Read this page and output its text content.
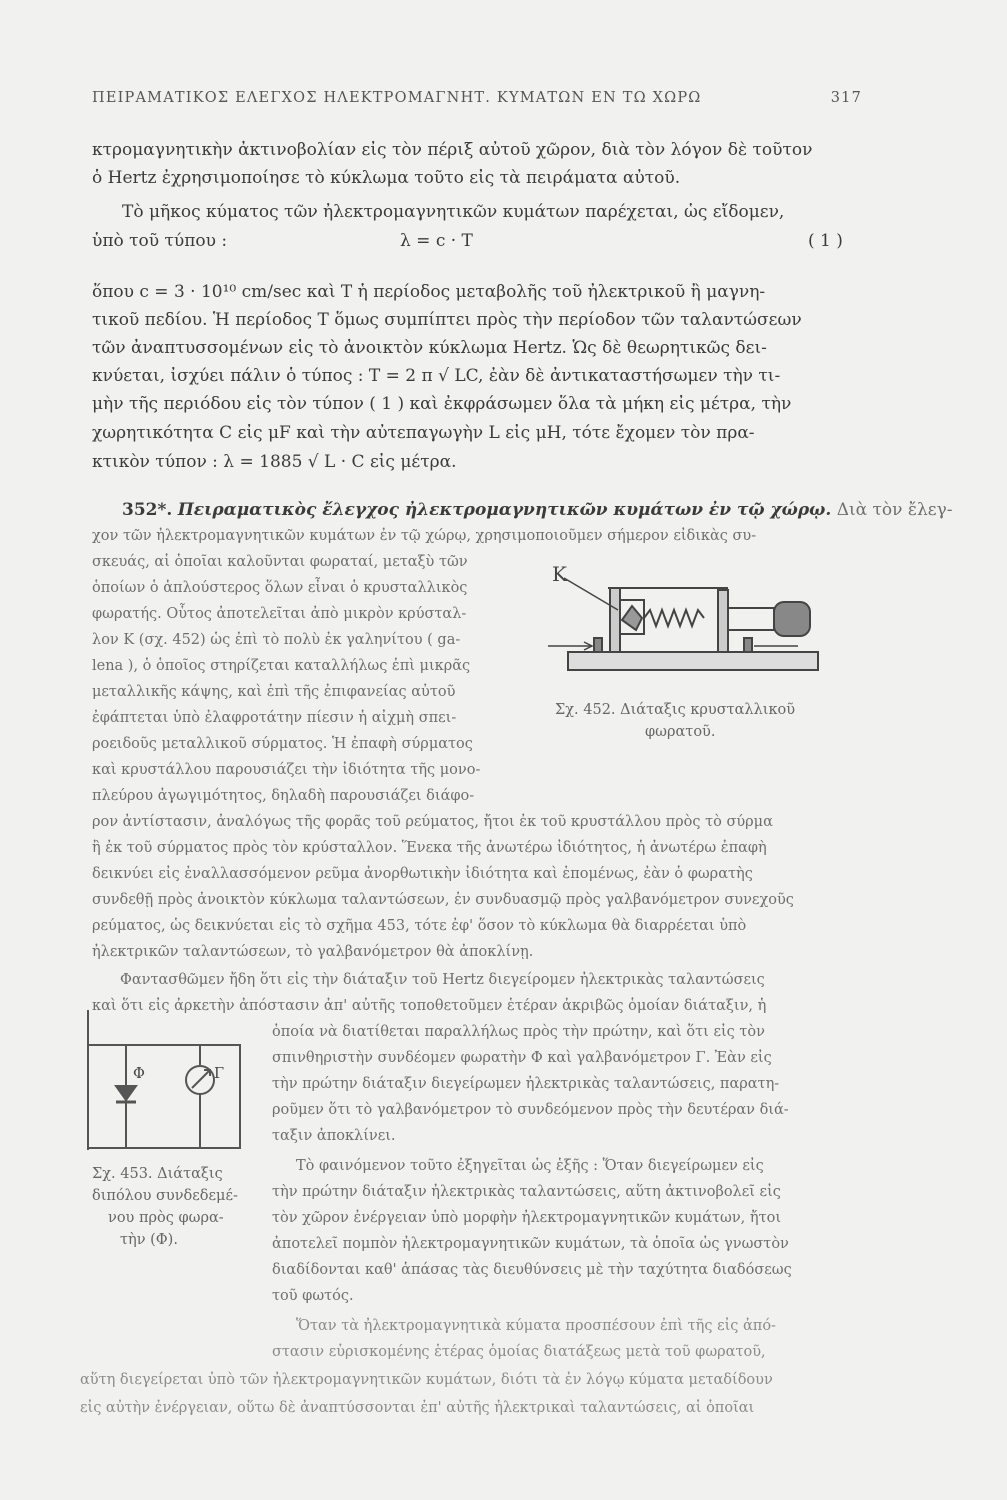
ΠΕΙΡΑΜΑΤΙΚΟΣ ΕΛΕΓΧΟΣ ΗΛΕΚΤΡΟΜΑΓΝΗΤ. ΚΥΜΑΤΩΝ ΕΝ ΤΩ ΧΩΡΩ	317
κτρομαγνητικὴν ἀκτινοβολίαν εἰς τὸν πέριξ αὐτοῦ χῶρον, διὰ τὸν λόγον δὲ τοῦτον
ὁ Hertz ἐχρησιμοποίησε τὸ κύκλωμα τοῦτο εἰς τὰ πειράματα αὐτοῦ.
Τὸ μῆκος κύματος τῶν ἠλεκτρομαγνητικῶν κυμάτων παρέχεται, ὡς εἴδομεν,
ὑπὸ τοῦ τύπου :	λ = c · T	( 1 )
ὅπου c = 3 · 10¹⁰ cm/sec καὶ T ἡ περίοδος μεταβολῆς τοῦ ἠλεκτρικοῦ ἢ μαγνη-
τικοῦ πεδίου. Ἡ περίοδος T ὅμως συμπίπτει πρὸς τὴν περίοδον τῶν ταλαντώσεων
τῶν ἀναπτυσσομένων εἰς τὸ ἀνοικτὸν κύκλωμα Hertz. Ὡς δὲ θεωρητικῶς δει-
κνύεται, ἰσχύει πάλιν ὁ τύπος : T = 2 π √ LC, ἐὰν δὲ ἀντικαταστήσωμεν τὴν τι-
μὴν τῆς περιόδου εἰς τὸν τύπον ( 1 ) καὶ ἐκφράσωμεν ὅλα τὰ μήκη εἰς μέτρα, τὴν
χωρητικότητα C εἰς μF καὶ τὴν αὐτεπαγωγὴν L εἰς μH, τότε ἔχομεν τὸν πρα-
κτικὸν τύπον : λ = 1885 √ L · C εἰς μέτρα.
352*. Πειραματικὸς ἔλεγχος ἠλεκτρομαγνητικῶν κυμάτων ἐν τῷ χώρῳ. Διὰ τὸν ἔλεγ-
χον τῶν ἠλεκτρομαγνητικῶν κυμάτων ἐν τῷ χώρῳ, χρησιμοποιοῦμεν σήμερον εἰδικὰς συ-
σκευάς, αἱ ὁποῖαι καλοῦνται φωραταί, μεταξὺ τῶν
ὁποίων ὁ ἁπλούστερος ὅλων εἶναι ὁ κρυσταλλικὸς
φωρατής. Οὗτος ἀποτελεῖται ἀπὸ μικρὸν κρύσταλ-
λον K (σχ. 452) ὡς ἐπὶ τὸ πολὺ ἐκ γαληνίτου ( ga-
lena ), ὁ ὁποῖος στηρίζεται καταλλήλως ἐπὶ μικρᾶς
μεταλλικῆς κάψης, καὶ ἐπὶ τῆς ἐπιφανείας αὐτοῦ
ἐφάπτεται ὑπὸ ἐλαφροτάτην πίεσιν ἡ αἰχμὴ σπει-
ροειδοῦς μεταλλικοῦ σύρματος. Ἡ ἐπαφὴ σύρματος
καὶ κρυστάλλου παρουσιάζει τὴν ἰδιότητα τῆς μονο-
πλεύρου ἀγωγιμότητος, δηλαδὴ παρουσιάζει διάφο-
K
Σχ. 452. Διάταξις κρυσταλλικοῦ
φωρατοῦ.
ρον ἀντίστασιν, ἀναλόγως τῆς φορᾶς τοῦ ρεύματος, ἤτοι ἐκ τοῦ κρυστάλλου πρὸς τὸ σύρμα
ἢ ἐκ τοῦ σύρματος πρὸς τὸν κρύσταλλον. Ἕνεκα τῆς ἀνωτέρω ἰδιότητος, ἡ ἀνωτέρω ἐπαφὴ
δεικνύει εἰς ἐναλλασσόμενον ρεῦμα ἀνορθωτικὴν ἰδιότητα καὶ ἑπομένως, ἐὰν ὁ φωρατὴς
συνδεθῇ πρὸς ἀνοικτὸν κύκλωμα ταλαντώσεων, ἐν συνδυασμῷ πρὸς γαλβανόμετρον συνεχοῦς
ρεύματος, ὡς δεικνύεται εἰς τὸ σχῆμα 453, τότε ἐφ' ὅσον τὸ κύκλωμα θὰ διαρρέεται ὑπὸ
ἠλεκτρικῶν ταλαντώσεων, τὸ γαλβανόμετρον θὰ ἀποκλίνῃ.
Φαντασθῶμεν ἤδη ὅτι εἰς τὴν διάταξιν τοῦ Hertz διεγείρομεν ἠλεκτρικὰς ταλαντώσεις
καὶ ὅτι εἰς ἀρκετὴν ἀπόστασιν ἀπ' αὐτῆς τοποθετοῦμεν ἑτέραν ἀκριβῶς ὁμοίαν διάταξιν, ἡ
ὁποία νὰ διατίθεται παραλλήλως πρὸς τὴν πρώτην, καὶ ὅτι εἰς τὸν
σπινθηριστὴν συνδέομεν φωρατὴν Φ καὶ γαλβανόμετρον Γ. Ἐὰν εἰς
τὴν πρώτην διάταξιν διεγείρωμεν ἠλεκτρικὰς ταλαντώσεις, παρατη-
ροῦμεν ὅτι τὸ γαλβανόμετρον τὸ συνδεόμενον πρὸς τὴν δευτέραν διά-
ταξιν ἀποκλίνει.
Τὸ φαινόμενον τοῦτο ἐξηγεῖται ὡς ἑξῆς : Ὅταν διεγείρωμεν εἰς
τὴν πρώτην διάταξιν ἠλεκτρικὰς ταλαντώσεις, αὕτη ἀκτινοβολεῖ εἰς
τὸν χῶρον ἐνέργειαν ὑπὸ μορφὴν ἠλεκτρομαγνητικῶν κυμάτων, ἤτοι
ἀποτελεῖ πομπὸν ἠλεκτρομαγνητικῶν κυμάτων, τὰ ὁποῖα ὡς γνωστὸν
διαδίδονται καθ' ἁπάσας τὰς διευθύνσεις μὲ τὴν ταχύτητα διαδόσεως
τοῦ φωτός.
Ὅταν τὰ ἠλεκτρομαγνητικὰ κύματα προσπέσουν ἐπὶ τῆς εἰς ἀπό-
στασιν εὑρισκομένης ἑτέρας ὁμοίας διατάξεως μετὰ τοῦ φωρατοῦ,
αὕτη διεγείρεται ὑπὸ τῶν ἠλεκτρομαγνητικῶν κυμάτων, διότι τὰ ἐν λόγῳ κύματα μεταδίδουν
εἰς αὐτὴν ἐνέργειαν, οὕτω δὲ ἀναπτύσσονται ἐπ' αὐτῆς ἠλεκτρικαὶ ταλαντώσεις, αἱ ὁποῖαι
Φ	Γ
Σχ. 453. Διάταξις
διπόλου συνδεδεμέ-
νου πρὸς φωρα-
τὴν (Φ).
